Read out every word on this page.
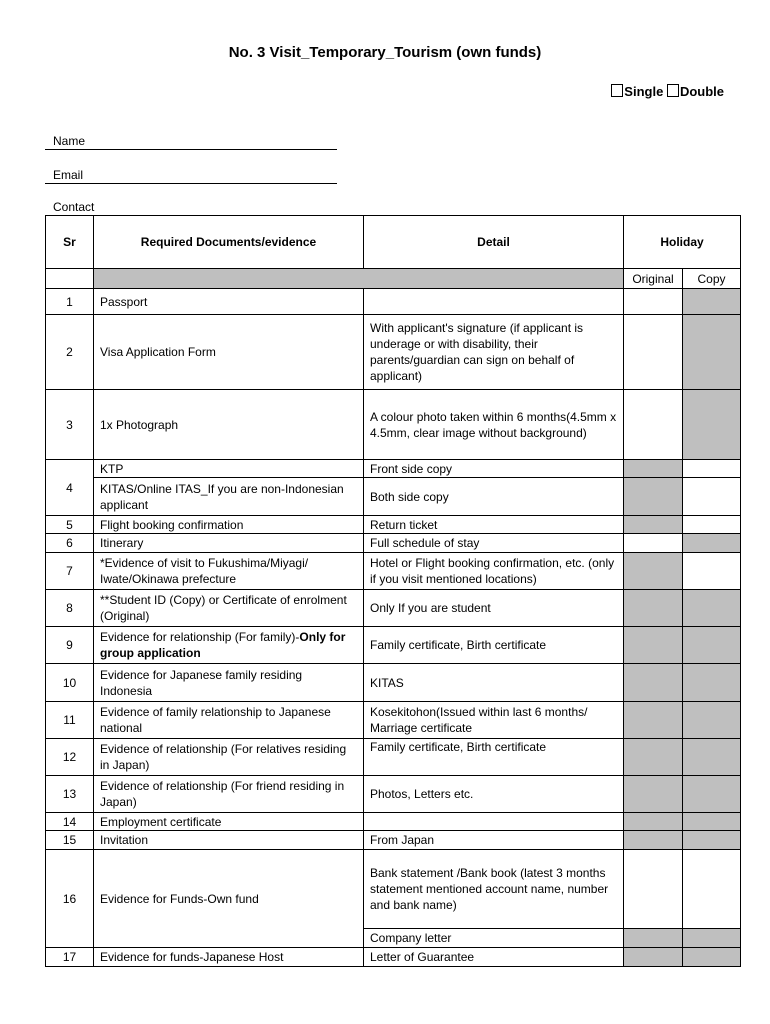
No. 3 Visit_Temporary_Tourism (own funds)
Single Double
Name
Email
Contact
Sr	Required Documents/evidence	Detail	Holiday	
			Original	Copy
1	Passport			
2	Visa Application Form	With applicant's signature (if applicant is underage or with disability, their parents/guardian can sign on behalf of applicant)		
3	1x Photograph	A colour photo taken within 6 months(4.5mm x 4.5mm, clear image without background)		
4	KTP	Front side copy		
	KITAS/Online ITAS_If you are non-Indonesian applicant	Both side copy		
5	Flight booking confirmation	Return ticket		
6	Itinerary	Full schedule of stay		
7	*Evidence of visit to Fukushima/Miyagi/ Iwate/Okinawa prefecture	Hotel or Flight booking confirmation, etc. (only if you visit mentioned locations)		
8	**Student ID (Copy) or Certificate of enrolment (Original)	Only If you are student		
9	Evidence for relationship (For family)-Only for group application	Family certificate, Birth certificate		
10	Evidence for Japanese family residing Indonesia	KITAS		
11	Evidence of family relationship to Japanese national	Kosekitohon(Issued within last 6 months/ Marriage certificate		
12	Evidence of relationship (For relatives residing in Japan)	Family certificate, Birth certificate		
13	Evidence of relationship (For friend residing in Japan)	Photos, Letters etc.		
14	Employment certificate			
15	Invitation	From Japan		
16	Evidence for Funds-Own fund	Bank statement /Bank book (latest 3 months statement mentioned account name, number and bank name)		
		Company letter		
17	Evidence for funds-Japanese Host	Letter of Guarantee		
